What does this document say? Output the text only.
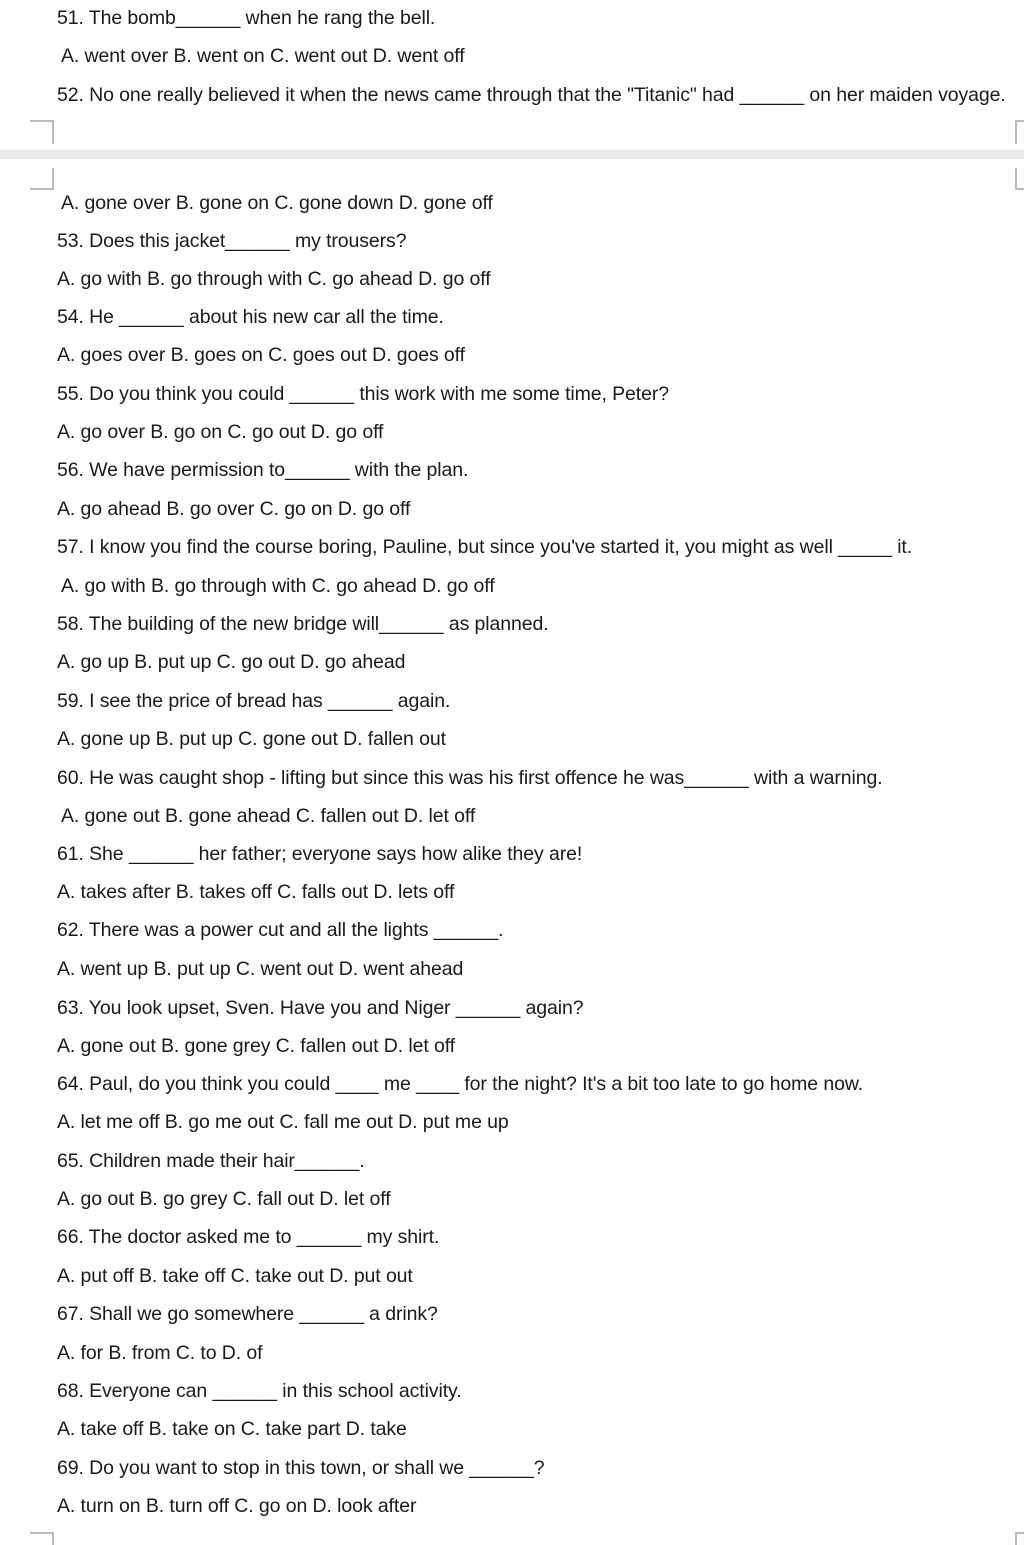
51. The bomb______ when he rang the bell.
A. went over B. went on C. went out D. went off
52. No one really believed it when the news came through that the "Titanic" had ______ on her maiden voyage.
A. gone over B. gone on C. gone down D. gone off
53. Does this jacket______ my trousers?
A. go with B. go through with C. go ahead D. go off
54. He ______ about his new car all the time.
A. goes over B. goes on C. goes out D. goes off
55. Do you think you could ______ this work with me some time, Peter?
A. go over B. go on C. go out D. go off
56. We have permission to______ with the plan.
A. go ahead B. go over C. go on D. go off
57. I know you find the course boring, Pauline, but since you've started it, you might as well _____ it.
A. go with B. go through with C. go ahead D. go off
58. The building of the new bridge will______ as planned.
A. go up B. put up C. go out D. go ahead
59. I see the price of bread has ______ again.
A. gone up B. put up C. gone out D. fallen out
60. He was caught shop - lifting but since this was his first offence he was______ with a warning.
A. gone out B. gone ahead C. fallen out D. let off
61. She ______ her father; everyone says how alike they are!
A. takes after B. takes off C. falls out D. lets off
62. There was a power cut and all the lights ______.
A. went up B. put up C. went out D. went ahead
63. You look upset, Sven. Have you and Niger ______ again?
A. gone out B. gone grey C. fallen out D. let off
64. Paul, do you think you could ____ me ____ for the night? It's a bit too late to go home now.
A. let me off B. go me out C. fall me out D. put me up
65. Children made their hair______.
A. go out B. go grey C. fall out D. let off
66. The doctor asked me to ______ my shirt.
A. put off B. take off C. take out D. put out
67. Shall we go somewhere ______ a drink?
A. for B. from C. to D. of
68. Everyone can ______ in this school activity.
A. take off B. take on C. take part D. take
69. Do you want to stop in this town, or shall we ______?
A. turn on B. turn off C. go on D. look after
